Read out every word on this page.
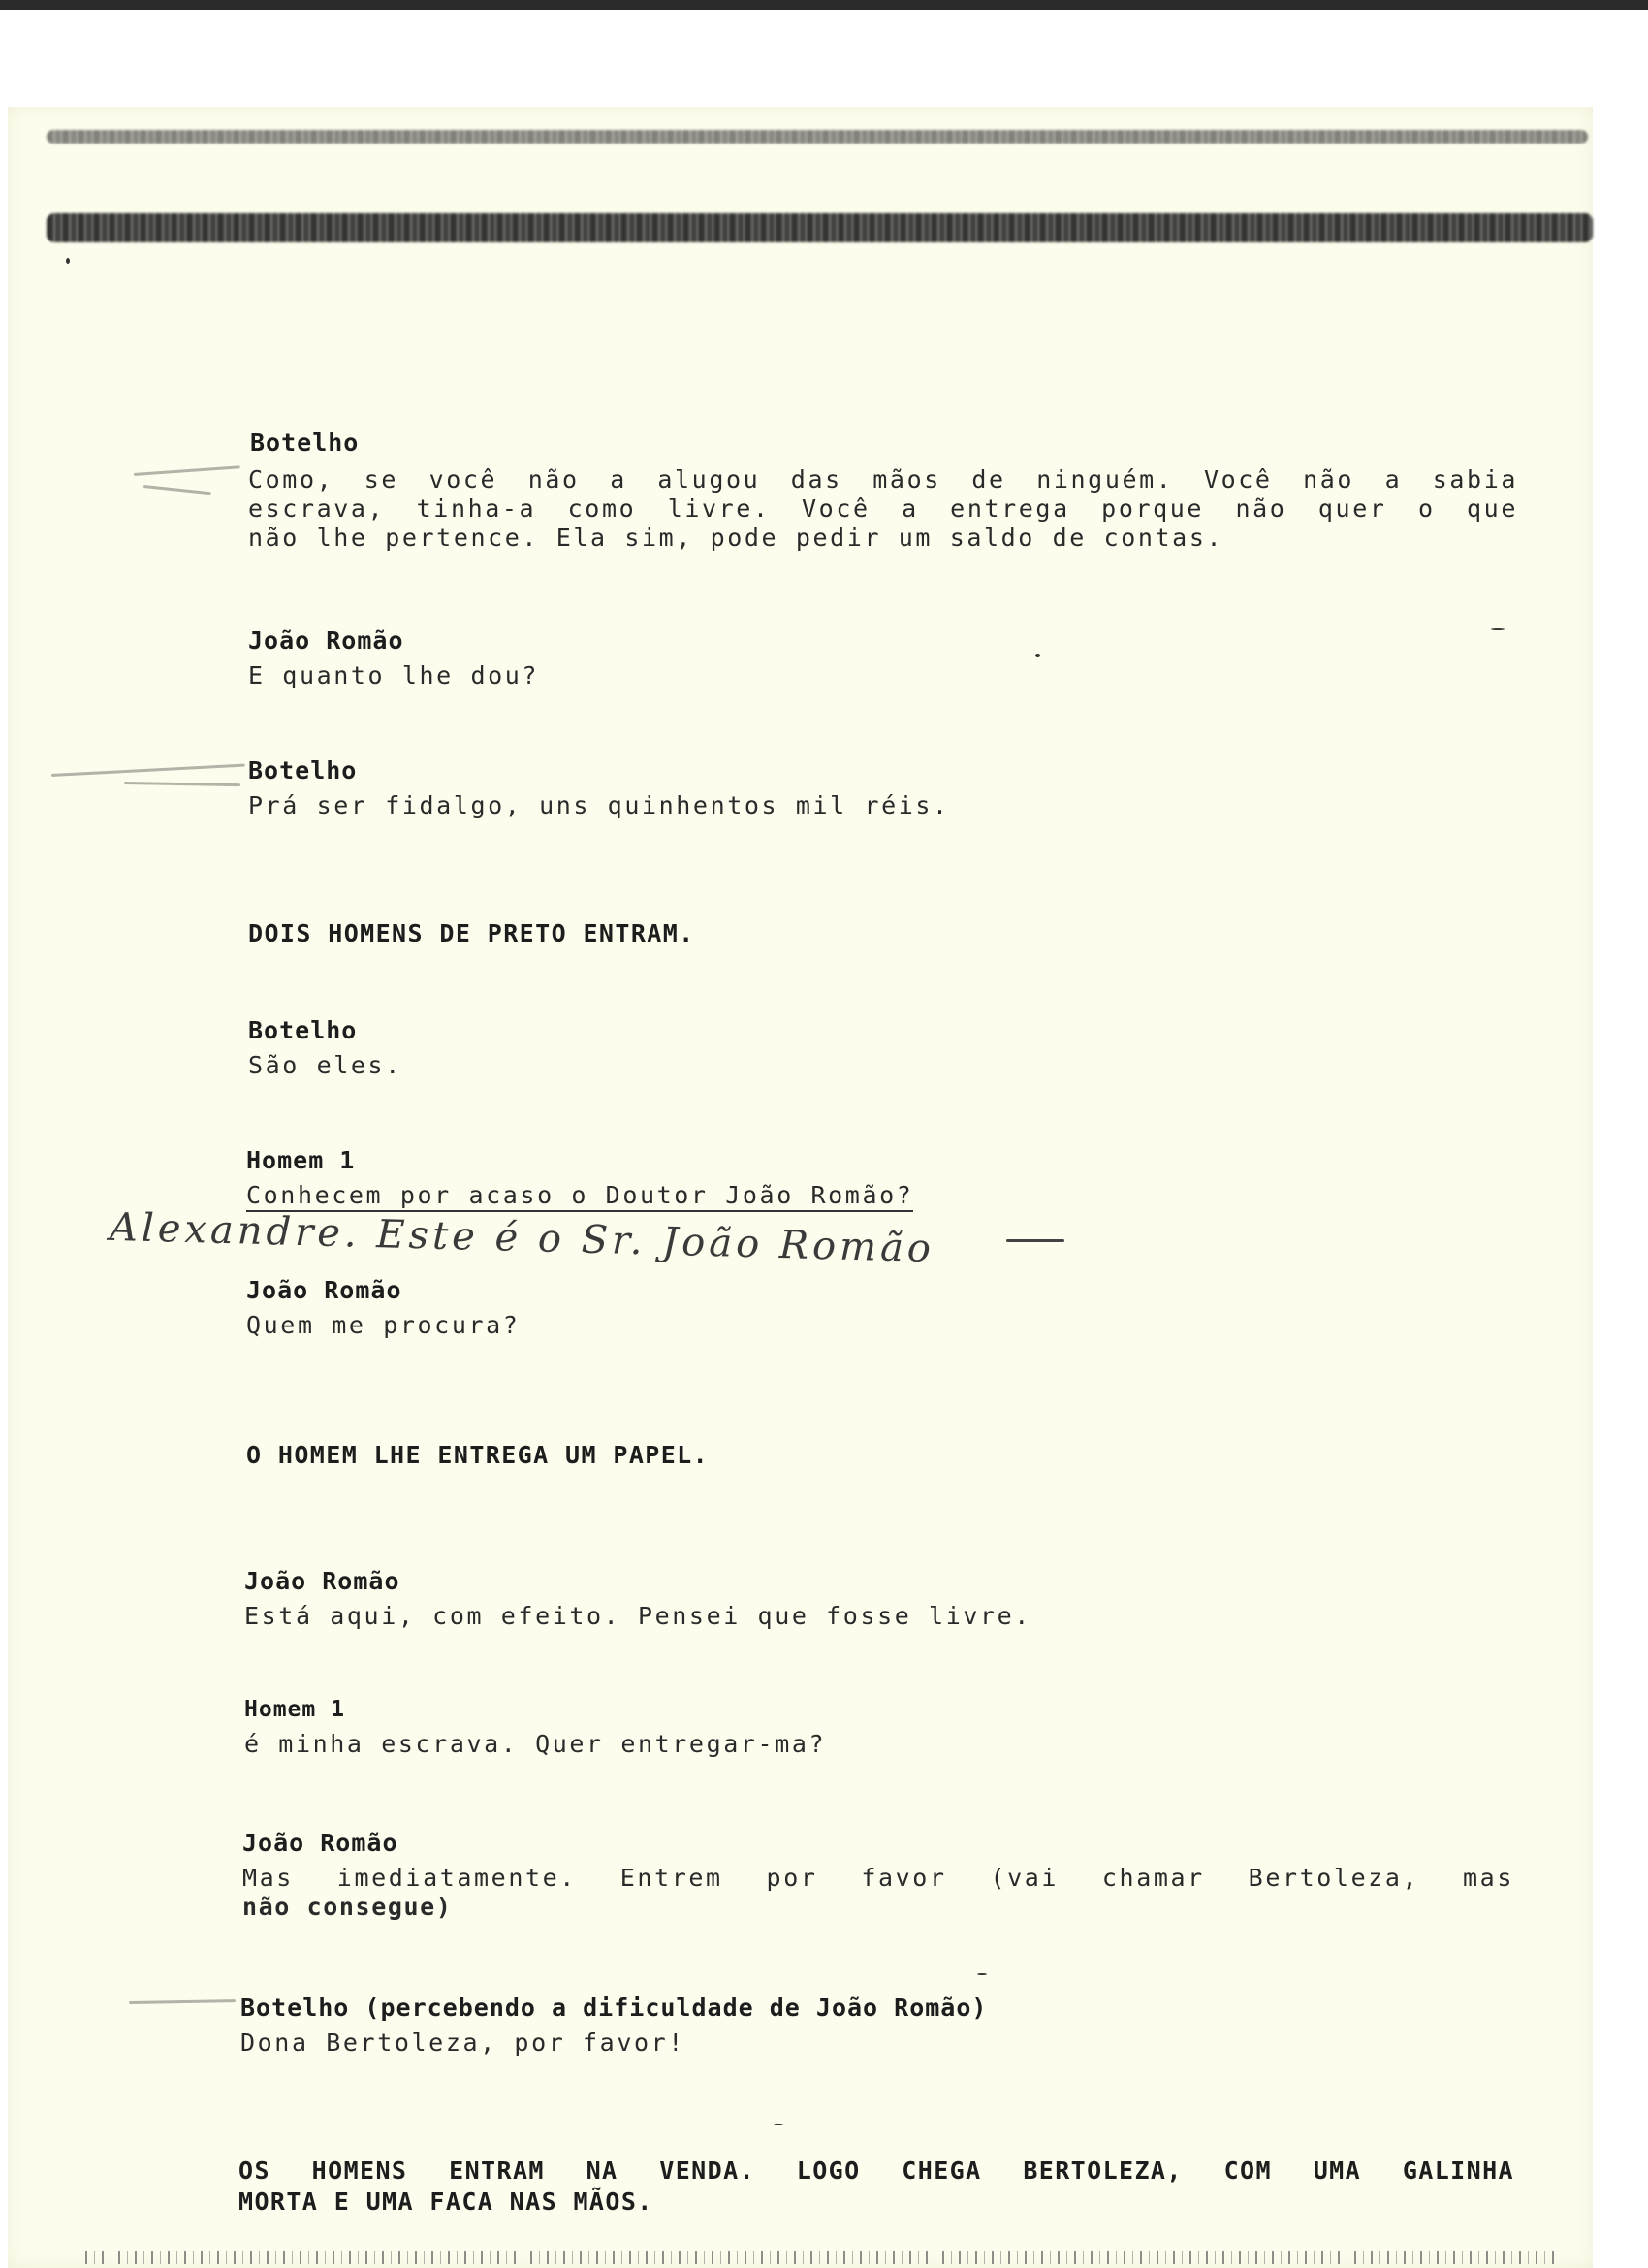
Botelho
Como, se você não a alugou das mãos de ninguém. Você não a sabia
escrava, tinha-a como livre. Você a entrega porque não quer o que
não lhe pertence. Ela sim, pode pedir um saldo de contas.
João Romão
E quanto lhe dou?
Botelho
Prá ser fidalgo, uns quinhentos mil réis.
DOIS HOMENS DE PRETO ENTRAM.
Botelho
São eles.
Alexandre. Este é o Sr. João Romão
Homem 1
Conhecem por acaso o Doutor João Romão?
João Romão
Quem me procura?
O HOMEM LHE ENTREGA UM PAPEL.
João Romão
Está aqui, com efeito. Pensei que fosse livre.
Homem 1
é minha escrava. Quer entregar-ma?
João Romão
Mas imediatamente. Entrem por favor (vai chamar Bertoleza, mas
não consegue)
Botelho (percebendo a dificuldade de João Romão)
Dona Bertoleza, por favor!
OS HOMENS ENTRAM NA VENDA. LOGO CHEGA BERTOLEZA, COM UMA GALINHA
MORTA E UMA FACA NAS MÃOS.
